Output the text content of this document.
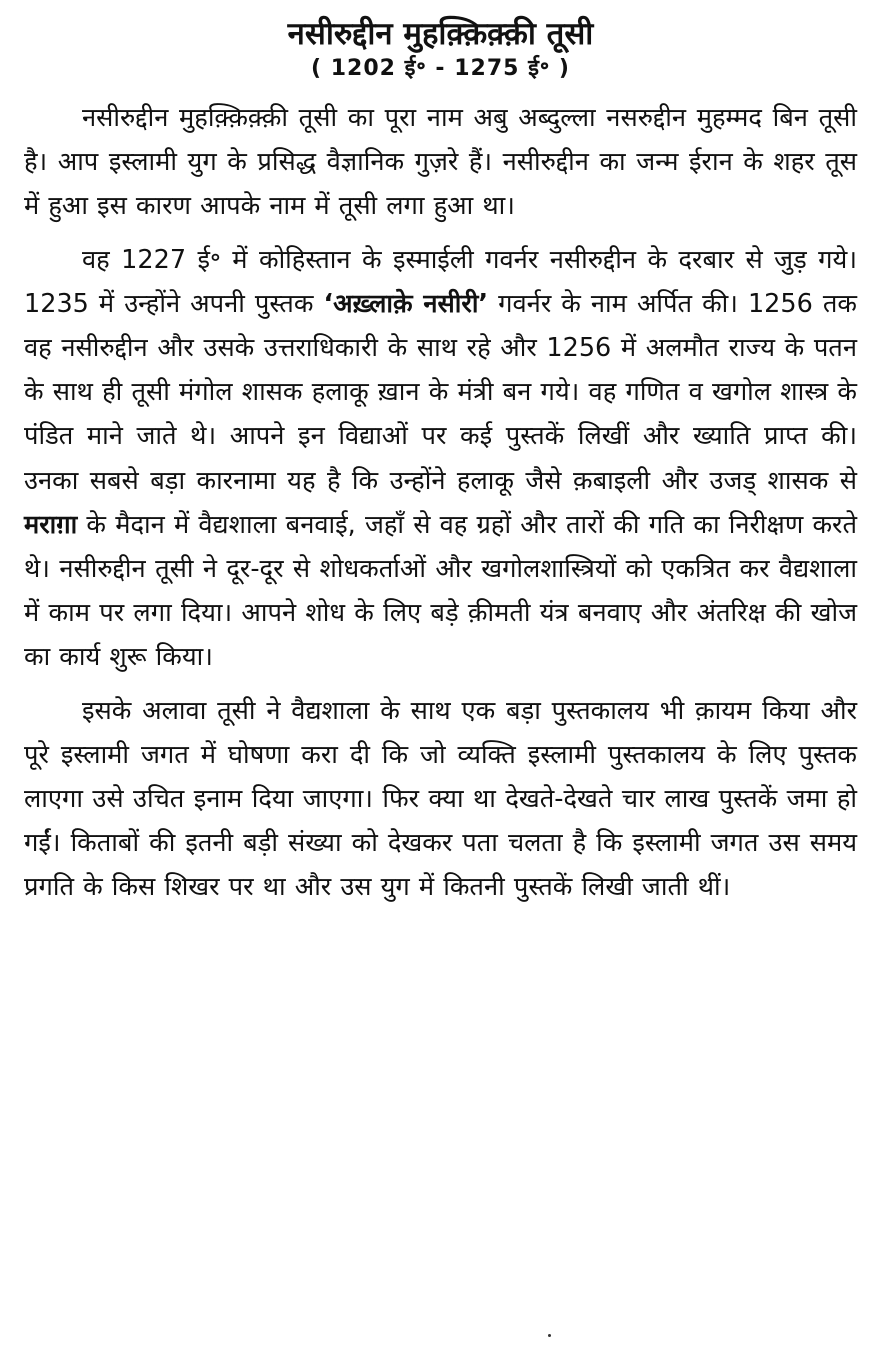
नसीरुद्दीन मुहक़्क़िक़्क़ी तूसी
( 1202 ई॰ - 1275 ई॰ )

नसीरुद्दीन मुहक़्क़िक़्क़ी तूसी का पूरा नाम अबु अब्दुल्ला नसरुद्दीन मुहम्मद बिन तूसी है। आप इस्लामी युग के प्रसिद्ध वैज्ञानिक गुज़रे हैं। नसीरुद्दीन का जन्म ईरान के शहर तूस में हुआ इस कारण आपके नाम में तूसी लगा हुआ था।

वह 1227 ई॰ में कोहिस्तान के इस्माईली गवर्नर नसीरुद्दीन के दरबार से जुड़ गये। 1235 में उन्होंने अपनी पुस्तक ‘अख़्लाक़े नसीरी’ गवर्नर के नाम अर्पित की। 1256 तक वह नसीरुद्दीन और उसके उत्तराधिकारी के साथ रहे और 1256 में अलमौत राज्य के पतन के साथ ही तूसी मंगोल शासक हलाकू ख़ान के मंत्री बन गये। वह गणित व खगोल शास्त्र के पंडित माने जाते थे। आपने इन विद्याओं पर कई पुस्तकें लिखीं और ख्याति प्राप्त की। उनका सबसे बड़ा कारनामा यह है कि उन्होंने हलाकू जैसे क़बाइली और उजड् शासक से मराग़ा के मैदान में वैद्यशाला बनवाई, जहाँ से वह ग्रहों और तारों की गति का निरीक्षण करते थे। नसीरुद्दीन तूसी ने दूर-दूर से शोधकर्ताओं और खगोलशास्त्रियों को एकत्रित कर वैद्यशाला में काम पर लगा दिया। आपने शोध के लिए बड़े क़ीमती यंत्र बनवाए और अंतरिक्ष की खोज का कार्य शुरू किया।

इसके अलावा तूसी ने वैद्यशाला के साथ एक बड़ा पुस्तकालय भी क़ायम किया और पूरे इस्लामी जगत में घोषणा करा दी कि जो व्यक्ति इस्लामी पुस्तकालय के लिए पुस्तक लाएगा उसे उचित इनाम दिया जाएगा। फिर क्या था देखते-देखते चार लाख पुस्तकें जमा हो गईं। किताबों की इतनी बड़ी संख्या को देखकर पता चलता है कि इस्लामी जगत उस समय प्रगति के किस शिखर पर था और उस युग में कितनी पुस्तकें लिखी जाती थीं।
